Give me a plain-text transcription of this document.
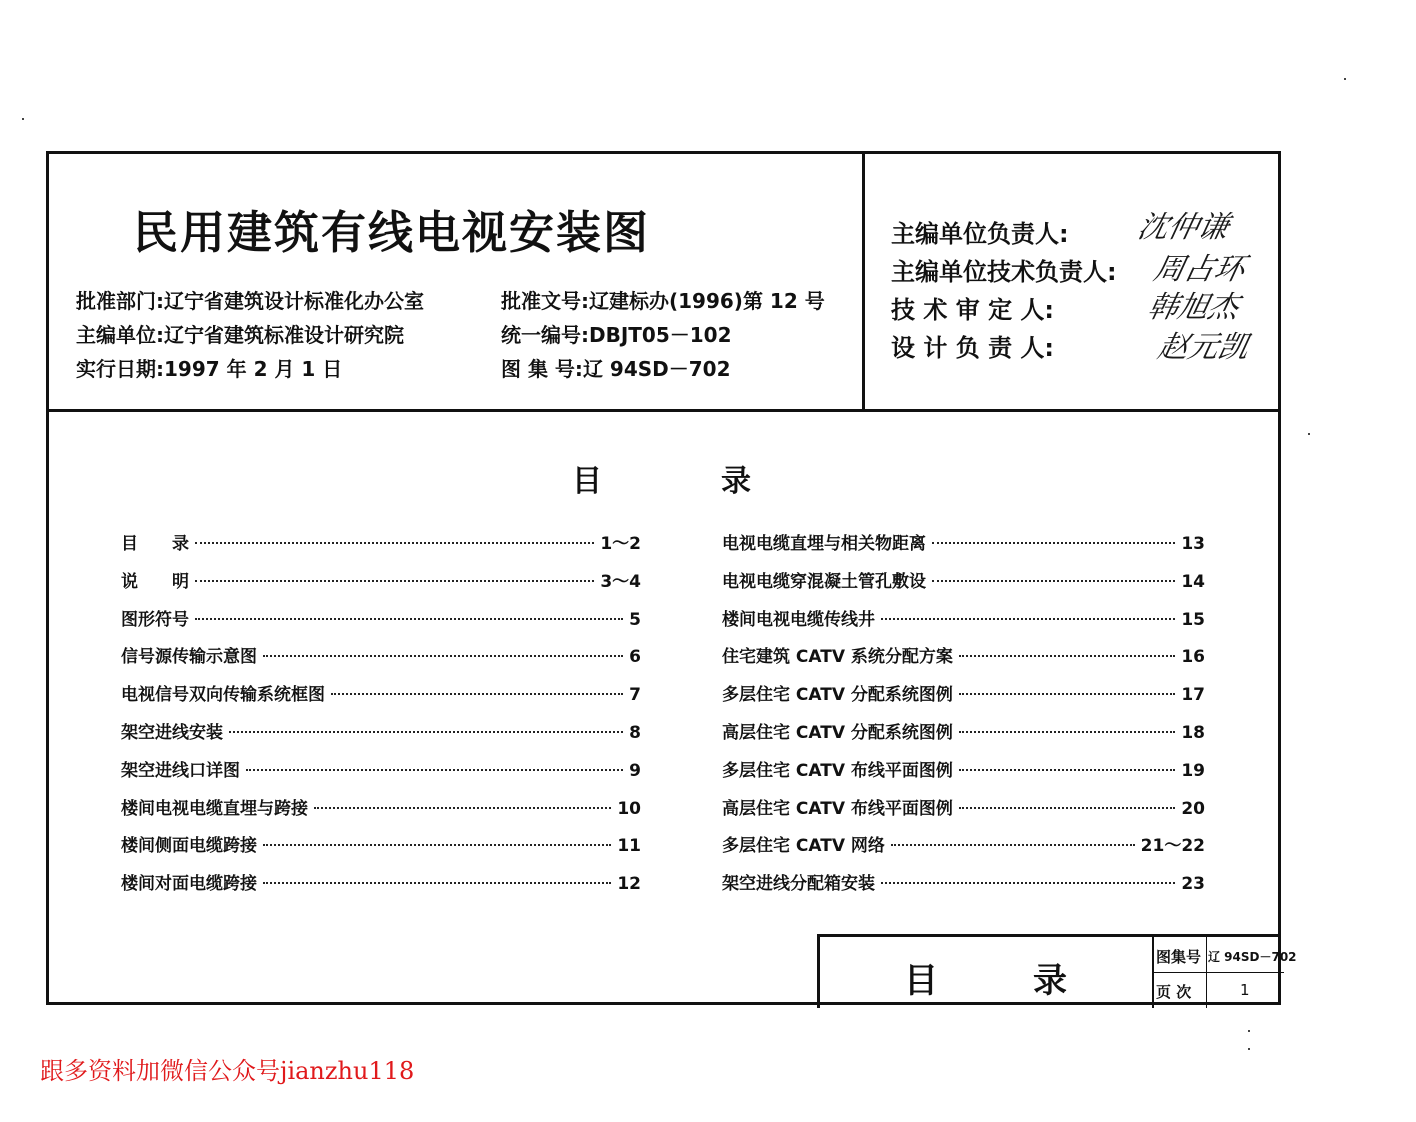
民用建筑有线电视安装图
批准部门:辽宁省建筑设计标准化办公室
主编单位:辽宁省建筑标准设计研究院
实行日期:1997 年 2 月 1 日
批准文号:辽建标办(1996)第 12 号
统一编号:DBJT05－102
图 集 号:辽 94SD－702
主编单位负责人:	沈仲谦
主编单位技术负责人:	周占环
技 术 审 定 人:	韩旭杰
设 计 负 责 人:	赵元凯
目	录
目　　录	1～2
说　　明	3～4
图形符号	5
信号源传输示意图	6
电视信号双向传输系统框图	7
架空进线安装	8
架空进线口详图	9
楼间电视电缆直埋与跨接	10
楼间侧面电缆跨接	11
楼间对面电缆跨接	12
电视电缆直埋与相关物距离	13
电视电缆穿混凝土管孔敷设	14
楼间电视电缆传线井	15
住宅建筑 CATV 系统分配方案	16
多层住宅 CATV 分配系统图例	17
高层住宅 CATV 分配系统图例	18
多层住宅 CATV 布线平面图例	19
高层住宅 CATV 布线平面图例	20
多层住宅 CATV 网络	21～22
架空进线分配箱安装	23
目	录
图集号 辽 94SD－702
页 次	1
跟多资料加微信公众号jianzhu118
